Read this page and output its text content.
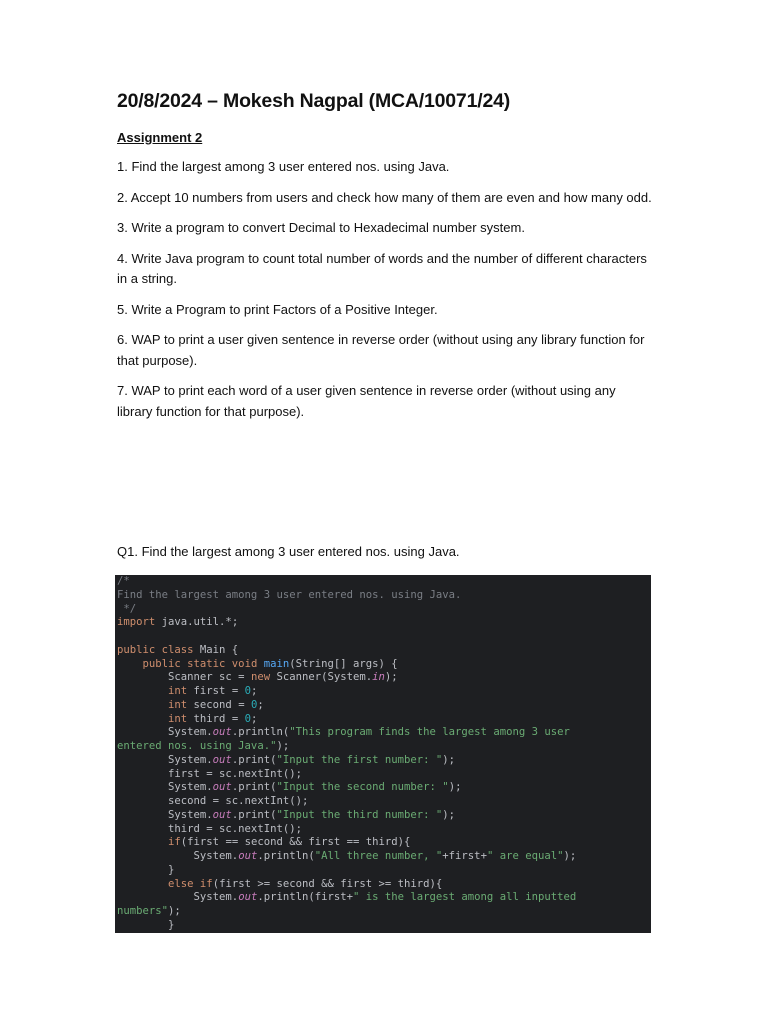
20/8/2024 – Mokesh Nagpal (MCA/10071/24)
Assignment 2
1. Find the largest among 3 user entered nos. using Java.
2. Accept 10 numbers from users and check how many of them are even and how many odd.
3. Write a program to convert Decimal to Hexadecimal number system.
4. Write Java program to count total number of words and the number of different characters in a string.
5. Write a Program to print Factors of a Positive Integer.
6. WAP to print a user given sentence in reverse order (without using any library function for that purpose).
7. WAP to print each word of a user given sentence in reverse order (without using any library function for that purpose).
Q1. Find the largest among 3 user entered nos. using Java.
/*
Find the largest among 3 user entered nos. using Java.
*/
import java.util.*;

public class Main {
public static void main(String[] args) {
Scanner sc = new Scanner(System.in);
int first = 0;
int second = 0;
int third = 0;
System.out.println("This program finds the largest among 3 user
entered nos. using Java.");
System.out.print("Input the first number: ");
first = sc.nextInt();
System.out.print("Input the second number: ");
second = sc.nextInt();
System.out.print("Input the third number: ");
third = sc.nextInt();
if(first == second && first == third){
System.out.println("All three number, "+first+" are equal");
}
else if(first >= second && first >= third){
System.out.println(first+" is the largest among all inputted
numbers");
}
